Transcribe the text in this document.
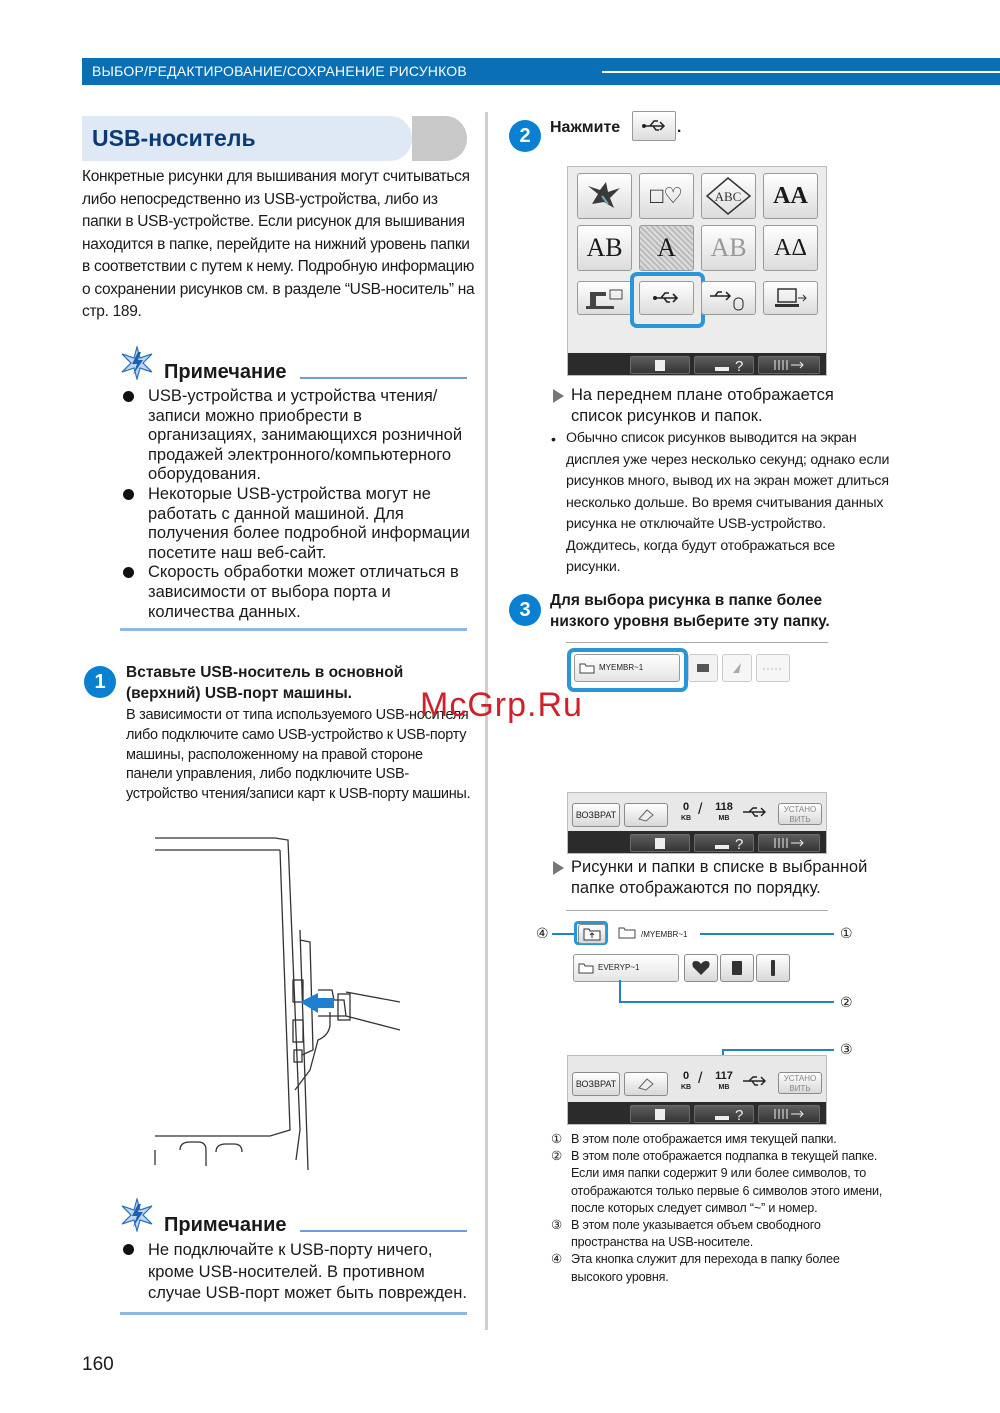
ВЫБОР/РЕДАКТИРОВАНИЕ/СОХРАНЕНИЕ РИСУНКОВ
USB-носитель
Конкретные рисунки для вышивания могут считываться либо непосредственно из USB-устройства, либо из папки в USB-устройстве. Если рисунок для вышивания находится в папке, перейдите на нижний уровень папки в соответствии с путем к нему. Подробную информацию о сохранении рисунков см. в разделе “USB-носитель” на стр. 189.
Примечание

USB-устройства и устройства чтения/записи можно приобрести в организациях, занимающихся розничной продажей электронного/компьютерного оборудования.

Некоторые USB-устройства могут не работать с данной машиной. Для получения более подробной информации посетите наш веб-сайт.

Скорость обработки может отличаться в зависимости от выбора порта и количества данных.

1	Вставьте USB-носитель в основной (верхний) USB-порт машины.
В зависимости от типа используемого USB-носителя либо подключите само USB-устройство к USB-порту машины, расположенному на правой стороне панели управления, либо подключите USB-устройство чтения/записи карт к USB-порту машины.
Примечание

Не подключайте к USB-порту ничего, кроме USB-носителей. В противном случае USB-порт может быть поврежден.

2	Нажмите	.
□♡	ABC	AA
AB	A	AB	AΔ
?
На переднем плане отображается список рисунков и папок.
• Обычно список рисунков выводится на экран дисплея уже через несколько секунд; однако если рисунков много, вывод их на экран может длиться несколько дольше. Во время считывания данных рисунка не отключайте USB-устройство. Дождитесь, когда будут отображаться все рисунки.
3	Для выбора рисунка в папке более низкого уровня выберите эту папку.
MYEMBR~1
ВОЗВРАТ
0
KB
/ 118
MB
УСТАНО ВИТЬ
?
Рисунки и папки в списке в выбранной папке отображаются по порядку.
④	/MYEMBR~1	①
EVERYP~1
②
③
ВОЗВРАТ
0
KB
/ 117
MB
УСТАНО ВИТЬ
?
① В этом поле отображается имя текущей папки.
② В этом поле отображается подпапка в текущей папке.
Если имя папки содержит 9 или более символов, то отображаются только первые 6 символов этого имени, после которых следует символ “~” и номер.
③ В этом поле указывается объем свободного пространства на USB-носителе.
④ Эта кнопка служит для перехода в папку более высокого уровня.
McGrp.Ru
160
